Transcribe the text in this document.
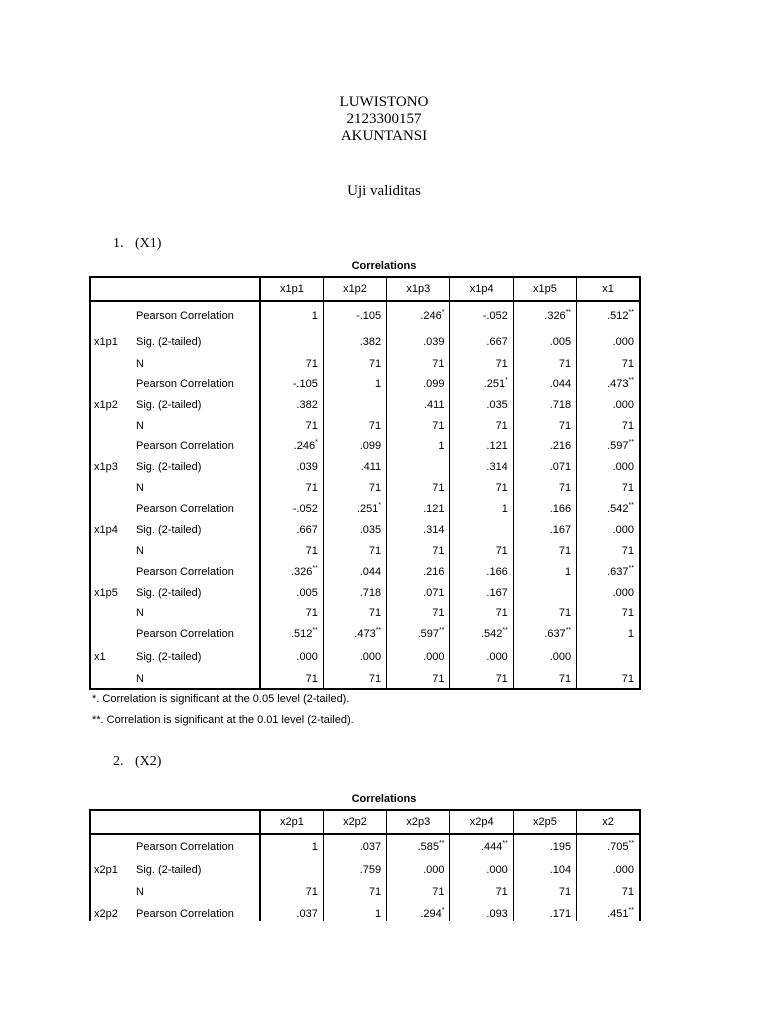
LUWISTONO
2123300157
AKUNTANSI
Uji validitas
1. (X1)
Correlations
		x1p1	x1p2	x1p3	x1p4	x1p5	x1
	Pearson Correlation	1	-.105	.246*	-.052	.326**	.512**
x1p1	Sig. (2-tailed)		.382	.039	.667	.005	.000
	N	71	71	71	71	71	71
	Pearson Correlation	-.105	1	.099	.251*	.044	.473**
x1p2	Sig. (2-tailed)	.382		.411	.035	.718	.000
	N	71	71	71	71	71	71
	Pearson Correlation	.246*	.099	1	.121	.216	.597**
x1p3	Sig. (2-tailed)	.039	.411		.314	.071	.000
	N	71	71	71	71	71	71
	Pearson Correlation	-.052	.251*	.121	1	.166	.542**
x1p4	Sig. (2-tailed)	.667	.035	.314		.167	.000
	N	71	71	71	71	71	71
	Pearson Correlation	.326**	.044	.216	.166	1	.637**
x1p5	Sig. (2-tailed)	.005	.718	.071	.167		.000
	N	71	71	71	71	71	71
	Pearson Correlation	.512**	.473**	.597**	.542**	.637**	1
x1	Sig. (2-tailed)	.000	.000	.000	.000	.000	
	N	71	71	71	71	71	71
*. Correlation is significant at the 0.05 level (2-tailed).
**. Correlation is significant at the 0.01 level (2-tailed).
2. (X2)
Correlations
		x2p1	x2p2	x2p3	x2p4	x2p5	x2
	Pearson Correlation	1	.037	.585**	.444**	.195	.705**
x2p1	Sig. (2-tailed)		.759	.000	.000	.104	.000
	N	71	71	71	71	71	71
x2p2	Pearson Correlation	.037	1	.294*	.093	.171	.451**
